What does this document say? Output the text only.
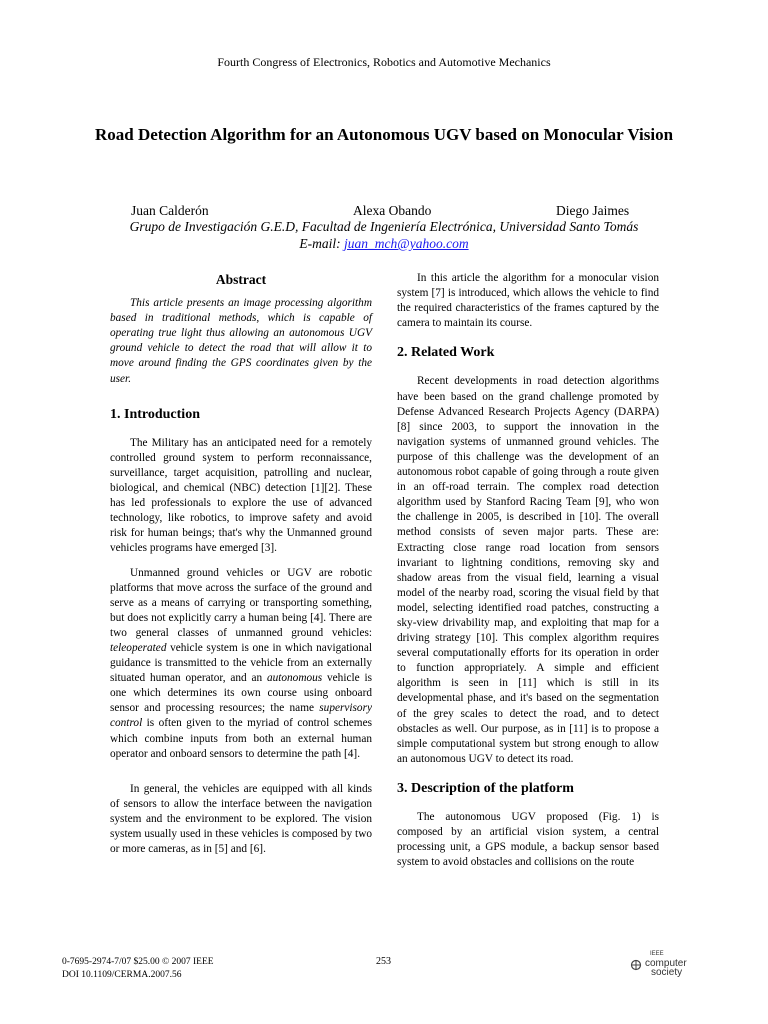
Fourth Congress of Electronics, Robotics and Automotive Mechanics
Road Detection Algorithm for an Autonomous UGV based on Monocular Vision
Juan Calderón	Alexa Obando	Diego Jaimes
Grupo de Investigación G.E.D, Facultad de Ingeniería Electrónica, Universidad Santo Tomás
E-mail: juan_mch@yahoo.com
Abstract

This article presents an image processing algorithm based in traditional methods, which is capable of operating true light thus allowing an autonomous UGV ground vehicle to detect the road that will allow it to move around finding the GPS coordinates given by the user.

1. Introduction

The Military has an anticipated need for a remotely controlled ground system to perform reconnaissance, surveillance, target acquisition, patrolling and nuclear, biological, and chemical (NBC) detection [1][2]. These has led professionals to explore the use of advanced technology, like robotics, to improve safety and avoid risk for human beings; that's why the Unmanned ground vehicles programs have emerged [3].

Unmanned ground vehicles or UGV are robotic platforms that move across the surface of the ground and serve as a means of carrying or transporting something, but does not explicitly carry a human being [4]. There are two general classes of unmanned ground vehicles: teleoperated vehicle system is one in which navigational guidance is transmitted to the vehicle from an externally situated human operator, and an autonomous vehicle is one which determines its own course using onboard sensor and processing resources; the name supervisory control is often given to the myriad of control schemes which combine inputs from both an external human operator and onboard sensors to determine the path [4].

In general, the vehicles are equipped with all kinds of sensors to allow the interface between the navigation system and the environment to be explored. The vision system usually used in these vehicles is composed by two or more cameras, as in [5] and [6].

In this article the algorithm for a monocular vision system [7] is introduced, which allows the vehicle to find the required characteristics of the frames captured by the camera to maintain its course.

2. Related Work

Recent developments in road detection algorithms have been based on the grand challenge promoted by Defense Advanced Research Projects Agency (DARPA) [8] since 2003, to support the innovation in the navigation systems of unmanned ground vehicles. The purpose of this challenge was the development of an autonomous robot capable of going through a route given in an off-road terrain. The complex road detection algorithm used by Stanford Racing Team [9], who won the challenge in 2005, is described in [10]. The overall method consists of seven major parts. These are: Extracting close range road location from sensors invariant to lightning conditions, removing sky and shadow areas from the visual field, learning a visual model of the nearby road, scoring the visual field by that model, selecting identified road patches, constructing a sky-view drivability map, and exploiting that map for a driving strategy [10]. This complex algorithm requires several computationally efforts for its operation in order to function appropriately. A simple and efficient algorithm is seen in [11] which is still in its developmental phase, and it's based on the segmentation of the grey scales to detect the road, and to detect obstacles as well. Our purpose, as in [11] is to propose a simple computational system but strong enough to allow an autonomous UGV to detect its road.

3. Description of the platform

The autonomous UGV proposed (Fig. 1) is composed by an artificial vision system, a central processing unit, a GPS module, a backup sensor based system to avoid obstacles and collisions on the route

0-7695-2974-7/07 $25.00 © 2007 IEEE
DOI 10.1109/CERMA.2007.56
253
IEEE
computer
society
